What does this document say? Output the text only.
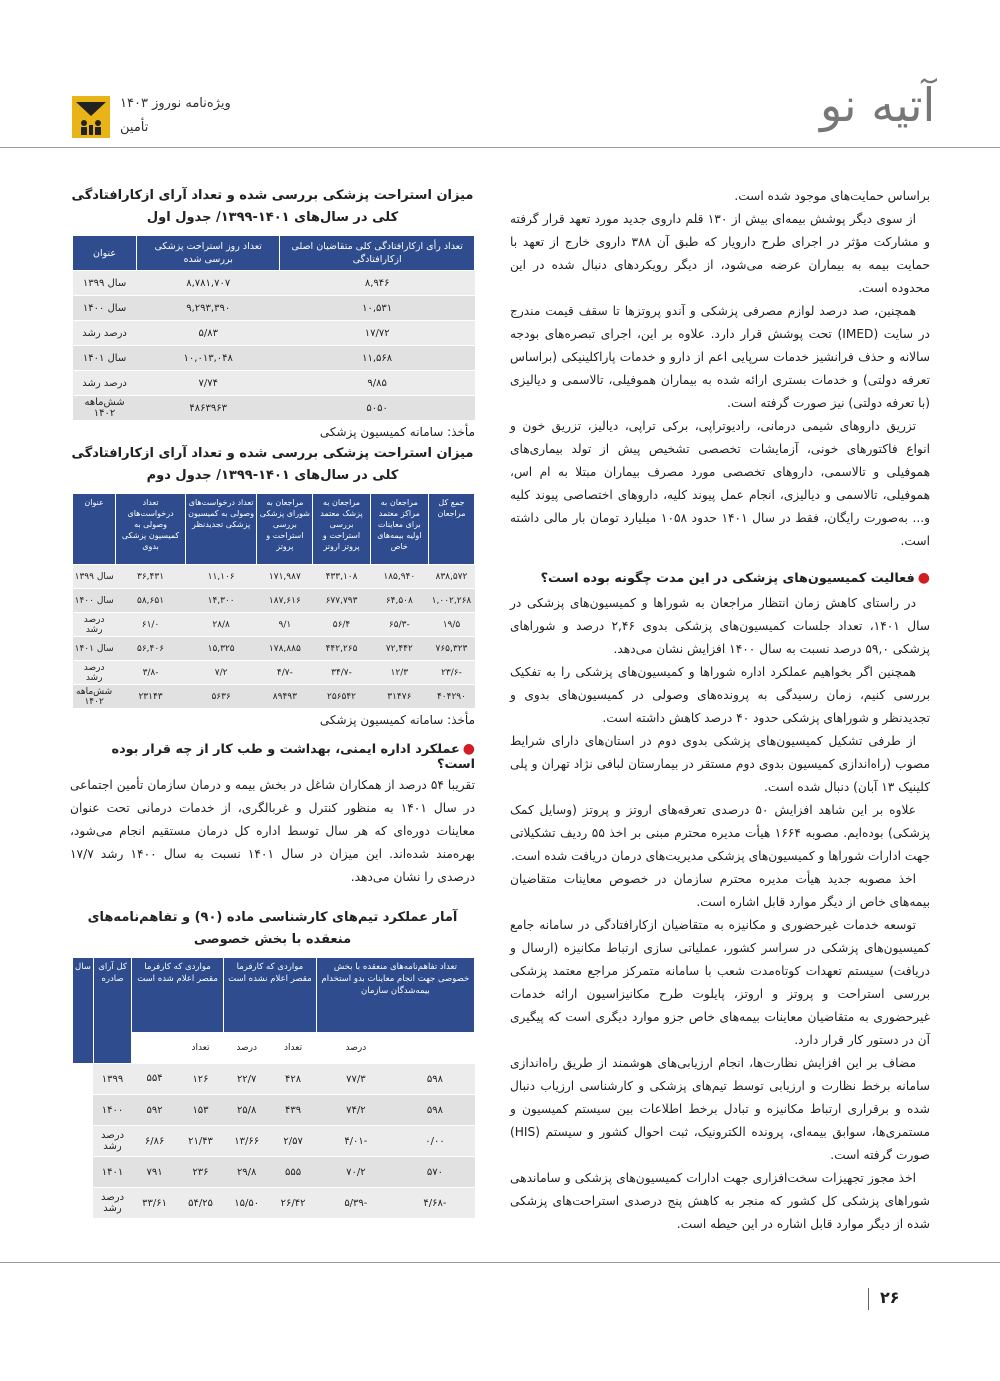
آتیه نو
ویژه‌نامه نوروز ۱۴۰۳
تأمین
میزان استراحت پزشکی بررسی شده و تعداد آرای ازکارافتادگی کلی در سال‌های ۱۴۰۱-۱۳۹۹/ جدول اول
تعداد رأی ازکارافتادگی کلی متقاضیان اصلی ازکارافتادگی	تعداد روز استراحت پزشکی بررسی شده	عنوان
۸,۹۴۶	۸,۷۸۱,۷۰۷	سال ۱۳۹۹
۱۰,۵۳۱	۹,۲۹۳,۳۹۰	سال ۱۴۰۰
۱۷/۷۲	۵/۸۳	درصد رشد
۱۱,۵۶۸	۱۰,۰۱۳,۰۴۸	سال ۱۴۰۱
۹/۸۵	۷/۷۴	درصد رشد
۵۰۵۰	۴۸۶۳۹۶۳	شش‌ماهه ۱۴۰۲
مأخذ: سامانه کمیسیون پزشکی
میزان استراحت پزشکی بررسی شده و تعداد آرای ازکارافتادگی کلی در سال‌های ۱۴۰۱-۱۳۹۹/ جدول دوم
جمع کل مراجعان	مراجعان به مراکز معتمد برای معاینات اولیه بیمه‌های خاص	مراجعان به پزشک معتمد بررسی استراحت و پروتز اروتز	مراجعان به شورای پزشکی بررسی استراحت و پروتز	تعداد درخواست‌های وصولی به کمیسیون پزشکی تجدیدنظر	تعداد درخواست‌های وصولی به کمیسیون پزشکی بدوی	عنوان
۸۳۸,۵۷۲	۱۸۵,۹۴۰	۴۳۳,۱۰۸	۱۷۱,۹۸۷	۱۱,۱۰۶	۳۶,۴۳۱	سال ۱۳۹۹
۱,۰۰۲,۲۶۸	۶۴,۵۰۸	۶۷۷,۷۹۳	۱۸۷,۶۱۶	۱۴,۳۰۰	۵۸,۶۵۱	سال ۱۴۰۰
۱۹/۵	-۶۵/۳	۵۶/۴	۹/۱	۲۸/۸	۶۱/۰	درصد رشد
۷۶۵,۳۲۳	۷۲,۴۴۲	۴۴۲,۲۶۵	۱۷۸,۸۸۵	۱۵,۳۲۵	۵۶,۴۰۶	سال ۱۴۰۱
-۲۳/۶	۱۲/۳	-۳۴/۷	-۴/۷	۷/۲	-۳/۸	درصد رشد
۴۰۴۲۹۰	۳۱۴۷۶	۲۵۶۵۴۲	۸۹۴۹۳	۵۶۳۶	۲۳۱۴۳	شش‌ماهه ۱۴۰۲
مأخذ: سامانه کمیسیون پزشکی
●عملکرد اداره ایمنی، بهداشت و طب کار از چه قرار بوده است؟
تقریبا ۵۴ درصد از همکاران شاغل در بخش بیمه و درمان سازمان تأمین اجتماعی در سال ۱۴۰۱ به منظور کنترل و غربالگری، از خدمات درمانی تحت عنوان معاینات دوره‌ای که هر سال توسط اداره کل درمان مستقیم انجام می‌شود، بهره‌مند شده‌اند. این میزان در سال ۱۴۰۱ نسبت به سال ۱۴۰۰ رشد ۱۷/۷ درصدی را نشان می‌دهد.
آمار عملکرد تیم‌های کارشناسی ماده (۹۰) و تفاهم‌نامه‌های منعقده با بخش خصوصی
تعداد تفاهم‌نامه‌های منعقده با بخش خصوصی جهت انجام معاینات بدو استخدام بیمه‌شدگان سازمان		مواردی که کارفرما مقصر اعلام نشده است		مواردی که کارفرما مقصر اعلام شده است		کل آرای صادره	سال
	درصد	تعداد	درصد	تعداد			
۵۹۸	۷۷/۳	۴۲۸	۲۲/۷	۱۲۶	۵۵۴	۱۳۹۹	
۵۹۸	۷۴/۲	۴۳۹	۲۵/۸	۱۵۳	۵۹۲	۱۴۰۰	
۰/۰۰	-۴/۰۱	۲/۵۷	۱۳/۶۶	۲۱/۴۳	۶/۸۶	درصد رشد	
۵۷۰	۷۰/۲	۵۵۵	۲۹/۸	۲۳۶	۷۹۱	۱۴۰۱	
-۴/۶۸	-۵/۳۹	۲۶/۴۲	۱۵/۵۰	۵۴/۲۵	۳۳/۶۱	درصد رشد	

براساس حمایت‌های موجود شده است.

از سوی دیگر پوشش بیمه‌ای بیش از ۱۳۰ قلم داروی جدید مورد تعهد قرار گرفته و مشارکت مؤثر در اجرای طرح دارویار که طبق آن ۳۸۸ داروی خارج از تعهد با حمایت بیمه به بیماران عرضه می‌شود، از دیگر رویکردهای دنبال شده در این محدوده است.

همچنین، صد درصد لوازم مصرفی پزشکی و آندو پروتزها تا سقف قیمت مندرج در سایت (IMED) تحت پوشش قرار دارد. علاوه بر این، اجرای تبصره‌های بودجه سالانه و حذف فرانشیز خدمات سرپایی اعم از دارو و خدمات پاراکلینیکی (براساس تعرفه دولتی) و خدمات بستری ارائه شده به بیماران هموفیلی، تالاسمی و دیالیزی (با تعرفه دولتی) نیز صورت گرفته است.

تزریق داروهای شیمی درمانی، رادیوتراپی، برکی تراپی، دیالیز، تزریق خون و انواع فاکتورهای خونی، آزمایشات تخصصی تشخیص پیش از تولد بیماری‌های هموفیلی و تالاسمی، داروهای تخصصی مورد مصرف بیماران مبتلا به ام اس، هموفیلی، تالاسمی و دیالیزی، انجام عمل پیوند کلیه، داروهای اختصاصی پیوند کلیه و... به‌صورت رایگان، فقط در سال ۱۴۰۱ حدود ۱۰۵۸ میلیارد تومان بار مالی داشته است.

●فعالیت کمیسیون‌های پزشکی در این مدت چگونه بوده است؟

در راستای کاهش زمان انتظار مراجعان به شوراها و کمیسیون‌های پزشکی در سال ۱۴۰۱، تعداد جلسات کمیسیون‌های پزشکی بدوی ۲,۴۶ درصد و شوراهای پزشکی ۵۹,۰ درصد نسبت به سال ۱۴۰۰ افزایش نشان می‌دهد.

همچنین اگر بخواهیم عملکرد اداره شوراها و کمیسیون‌های پزشکی را به تفکیک بررسی کنیم، زمان رسیدگی به پرونده‌های وصولی در کمیسیون‌های بدوی و تجدیدنظر و شوراهای پزشکی حدود ۴۰ درصد کاهش داشته است.

از طرفی تشکیل کمیسیون‌های پزشکی بدوی دوم در استان‌های دارای شرایط مصوب (راه‌اندازی کمیسیون بدوی دوم مستقر در بیمارستان لبافی نژاد تهران و پلی کلینیک ۱۳ آبان) دنبال شده است.

علاوه بر این شاهد افزایش ۵۰ درصدی تعرفه‌های اروتز و پروتز (وسایل کمک پزشکی) بوده‌ایم. مصوبه ۱۶۶۴ هیأت مدیره محترم مبنی بر اخذ ۵۵ ردیف تشکیلاتی جهت ادارات شوراها و کمیسیون‌های پزشکی مدیریت‌های درمان دریافت شده است.

اخذ مصوبه جدید هیأت مدیره محترم سازمان در خصوص معاینات متقاضیان بیمه‌های خاص از دیگر موارد قابل اشاره است.

توسعه خدمات غیرحضوری و مکانیزه به متقاضیان ازکارافتادگی در سامانه جامع کمیسیون‌های پزشکی در سراسر کشور، عملیاتی سازی ارتباط مکانیزه (ارسال و دریافت) سیستم تعهدات کوتاه‌مدت شعب با سامانه متمرکز مراجع معتمد پزشکی بررسی استراحت و پروتز و اروتز، پایلوت طرح مکانیزاسیون ارائه خدمات غیرحضوری به متقاضیان معاینات بیمه‌های خاص جزو موارد دیگری است که پیگیری آن در دستور کار قرار دارد.

مضاف بر این افزایش نظارت‌ها، انجام ارزیابی‌های هوشمند از طریق راه‌اندازی سامانه برخط نظارت و ارزیابی توسط تیم‌های پزشکی و کارشناسی ارزیاب دنبال شده و برقراری ارتباط مکانیزه و تبادل برخط اطلاعات بین سیستم کمیسیون و مستمری‌ها، سوابق بیمه‌ای، پرونده الکترونیک، ثبت احوال کشور و سیستم (HIS) صورت گرفته است.

اخذ مجوز تجهیزات سخت‌افزاری جهت ادارات کمیسیون‌های پزشکی و ساماندهی شوراهای پزشکی کل کشور که منجر به کاهش پنج درصدی استراحت‌های پزشکی شده از دیگر موارد قابل اشاره در این حیطه است.

۲۶
